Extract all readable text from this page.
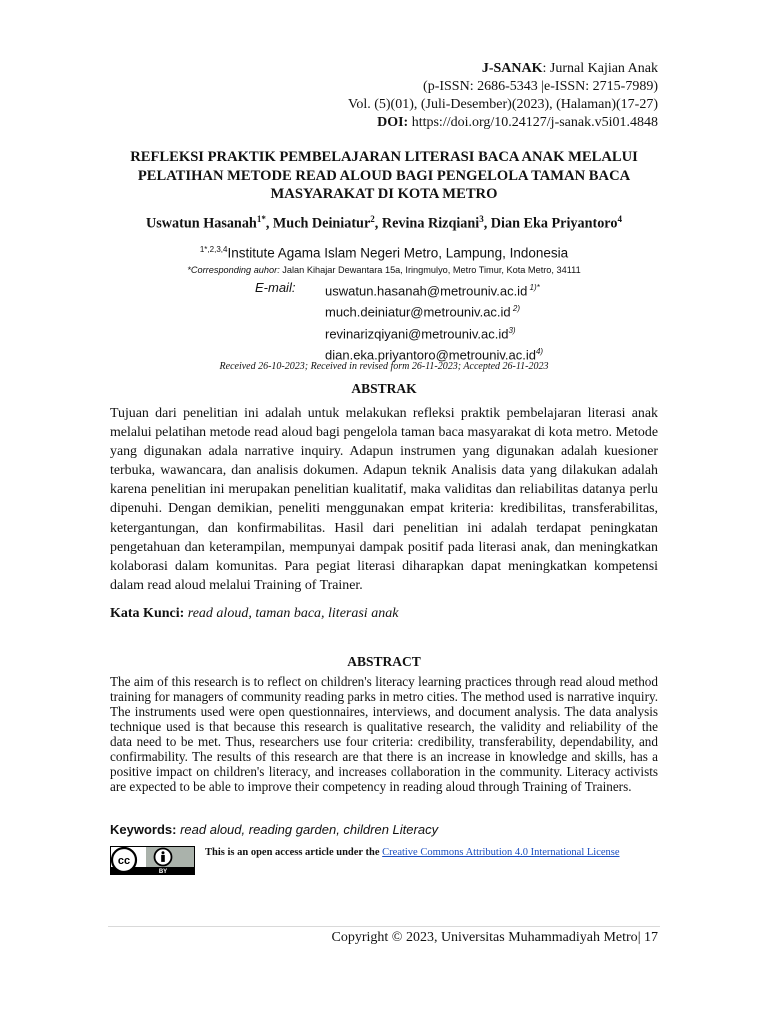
J-SANAK: Jurnal Kajian Anak
(p-ISSN: 2686-5343 |e-ISSN: 2715-7989)
Vol. (5)(01), (Juli-Desember)(2023), (Halaman)(17-27)
DOI: https://doi.org/10.24127/j-sanak.v5i01.4848
REFLEKSI PRAKTIK PEMBELAJARAN LITERASI BACA ANAK MELALUI PELATIHAN METODE READ ALOUD BAGI PENGELOLA TAMAN BACA MASYARAKAT DI KOTA METRO
Uswatun Hasanah$^{1*}$, Much Deiniatur$^2$, Revina Rizqiani$^3$, Dian Eka Priyantoro$^4$
$^{1*,2,3,4}$Institute Agama Islam Negeri Metro, Lampung, Indonesia
*Corresponding auhor: Jalan Kihajar Dewantara 15a, Iringmulyo, Metro Timur, Kota Metro, 34111
E-mail:	uswatun.hasanah@metrouniv.ac.id $^{1)*}$
much.deiniatur@metrouniv.ac.id $^{2)}$
$revinarizqiyani@metrouniv.ac.id^{3)}$
$dian.eka.priyantoro@metrouniv.ac.id^{4)}$
Received 26-10-2023; Received in revised form 26-11-2023; Accepted 26-11-2023
ABSTRAK

Tujuan dari penelitian ini adalah untuk melakukan refleksi praktik pembelajaran literasi anak melalui pelatihan metode read aloud bagi pengelola taman baca masyarakat di kota metro. Metode yang digunakan adala narrative inquiry. Adapun instrumen yang digunakan adalah kuesioner terbuka, wawancara, dan analisis dokumen. Adapun teknik Analisis data yang dilakukan adalah karena penelitian ini merupakan penelitian kualitatif, maka validitas dan reliabilitas datanya perlu dipenuhi. Dengan demikian, peneliti menggunakan empat kriteria: kredibilitas, transferabilitas, ketergantungan, dan konfirmabilitas. Hasil dari penelitian ini adalah terdapat peningkatan pengetahuan dan keterampilan, mempunyai dampak positif pada literasi anak, dan meningkatkan kolaborasi dalam komunitas. Para pegiat literasi diharapkan dapat meningkatkan kompetensi dalam read aloud melalui Training of Trainer.

Kata Kunci: read aloud, taman baca, literasi anak
ABSTRACT

The aim of this research is to reflect on children's literacy learning practices through read aloud method training for managers of community reading parks in metro cities. The method used is narrative inquiry. The instruments used were open questionnaires, interviews, and document analysis. The data analysis technique used is that because this research is qualitative research, the validity and reliability of the data need to be met. Thus, researchers use four criteria: credibility, transferability, dependability, and confirmability. The results of this research are that there is an increase in knowledge and skills, has a positive impact on children's literacy, and increases collaboration in the community. Literacy activists are expected to be able to improve their competency in reading aloud through Training of Trainers.

Keywords: read aloud, reading garden, children Literacy
cc
BY
This is an open access article under the Creative Commons Attribution 4.0 International License
Copyright © 2023, Universitas Muhammadiyah Metro| 17
